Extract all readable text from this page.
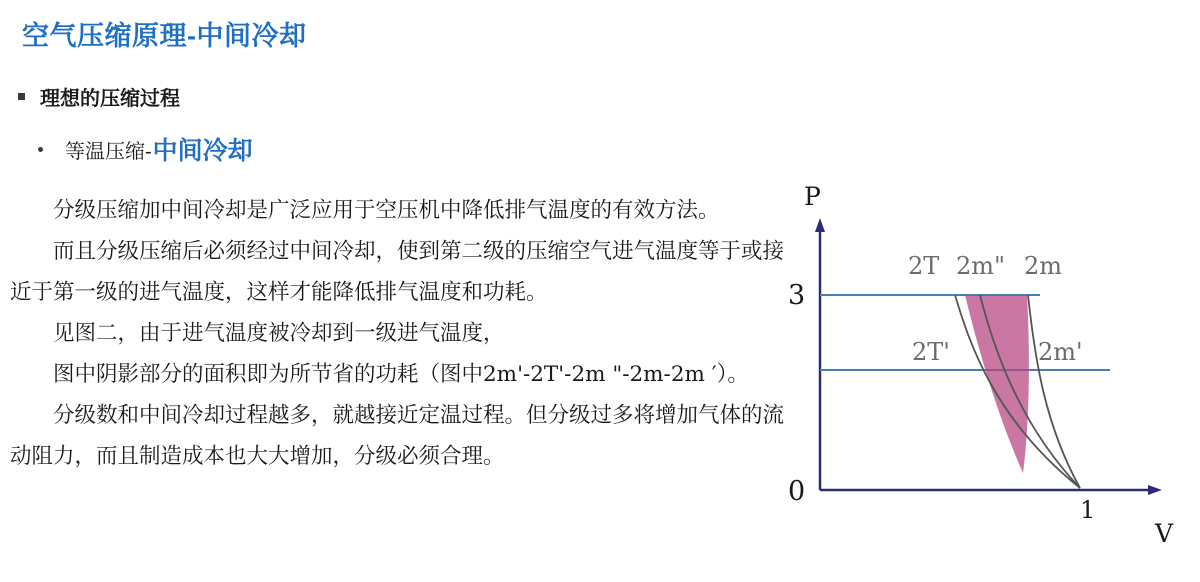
空气压缩原理-中间冷却
理想的压缩过程
等温压缩- 中间冷却

分级压缩加中间冷却是广泛应用于空压机中降低排气温度的有效方法。

而且分级压缩后必须经过中间冷却，使到第二级的压缩空气进气温度等于或接近于第一级的进气温度，这样才能降低排气温度和功耗。

见图二，由于进气温度被冷却到一级进气温度，

图中阴影部分的面积即为所节省的功耗（图中2m'-2T'-2m "-2m-2m ′）。

分级数和中间冷却过程越多，就越接近定温过程。但分级过多将增加气体的流动阻力，而且制造成本也大大增加，分级必须合理。

3
0
P
V
2T 2m" 2m
2T'	2m'
1
